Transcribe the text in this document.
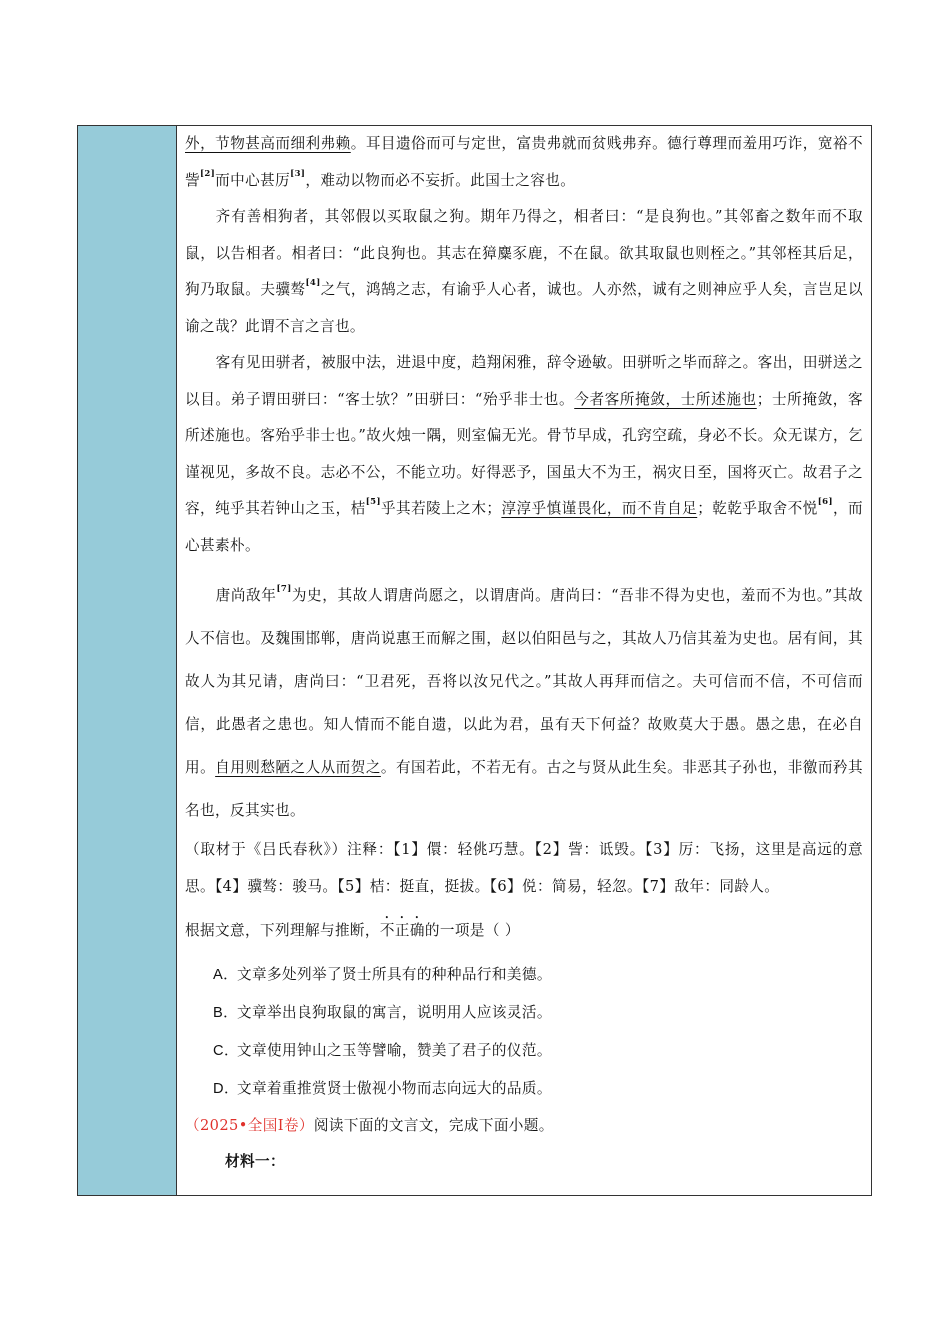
外，节物甚高而细利弗赖。耳目遗俗而可与定世，富贵弗就而贫贱弗弃。德行尊理而羞用巧诈，宽裕不訾[2]而中心甚厉[3]，难动以物而必不妄折。此国士之容也。

齐有善相狗者，其邻假以买取鼠之狗。期年乃得之，相者曰：“是良狗也。”其邻畜之数年而不取鼠，以告相者。相者曰：“此良狗也。其志在獐麋豕鹿，不在鼠。欲其取鼠也则桎之。”其邻桎其后足，狗乃取鼠。夫骥骜[4]之气，鸿鹄之志，有谕乎人心者，诚也。人亦然，诚有之则神应乎人矣，言岂足以谕之哉？此谓不言之言也。

客有见田骈者，被服中法，进退中度，趋翔闲雅，辞令逊敏。田骈听之毕而辞之。客出，田骈送之以目。弟子谓田骈曰：“客士欤？”田骈曰：“殆乎非士也。今者客所掩敛，士所述施也；士所掩敛，客所述施也。客殆乎非士也。”故火烛一隅，则室偏无光。骨节早成，孔窍空疏，身必不长。众无谋方，乞谨视见，多故不良。志必不公，不能立功。好得恶予，国虽大不为王，祸灾日至，国将灭亡。故君子之容，纯乎其若钟山之玉，桔[5]乎其若陵上之木；淳淳乎慎谨畏化，而不肯自足；乾乾乎取舍不悦[6]，而心甚素朴。

唐尚敌年[7]为史，其故人谓唐尚愿之，以谓唐尚。唐尚曰：“吾非不得为史也，羞而不为也。”其故人不信也。及魏围邯郸，唐尚说惠王而解之围，赵以伯阳邑与之，其故人乃信其羞为史也。居有间，其故人为其兄请，唐尚曰：“卫君死，吾将以汝兄代之。”其故人再拜而信之。夫可信而不信，不可信而信，此愚者之患也。知人情而不能自遗，以此为君，虽有天下何益？故败莫大于愚。愚之患，在必自用。自用则愁陋之人从而贺之。有国若此，不若无有。古之与贤从此生矣。非恶其子孙也，非徼而矜其名也，反其实也。

（取材于《吕氏春秋》）注释：【1】儇：轻佻巧慧。【2】訾：诋毁。【3】厉：飞扬，这里是高远的意思。【4】骥骜：骏马。【5】桔：挺直，挺拔。【6】侻：简易，轻忽。【7】敌年：同龄人。

根据文意，下列理解与推断，不正确的一项是（ ）

A．文章多处列举了贤士所具有的种种品行和美德。
B．文章举出良狗取鼠的寓言，说明用人应该灵活。
C．文章使用钟山之玉等譬喻，赞美了君子的仪范。
D．文章着重推赏贤士傲视小物而志向远大的品质。

（2025•全国I卷）阅读下面的文言文，完成下面小题。

材料一：
